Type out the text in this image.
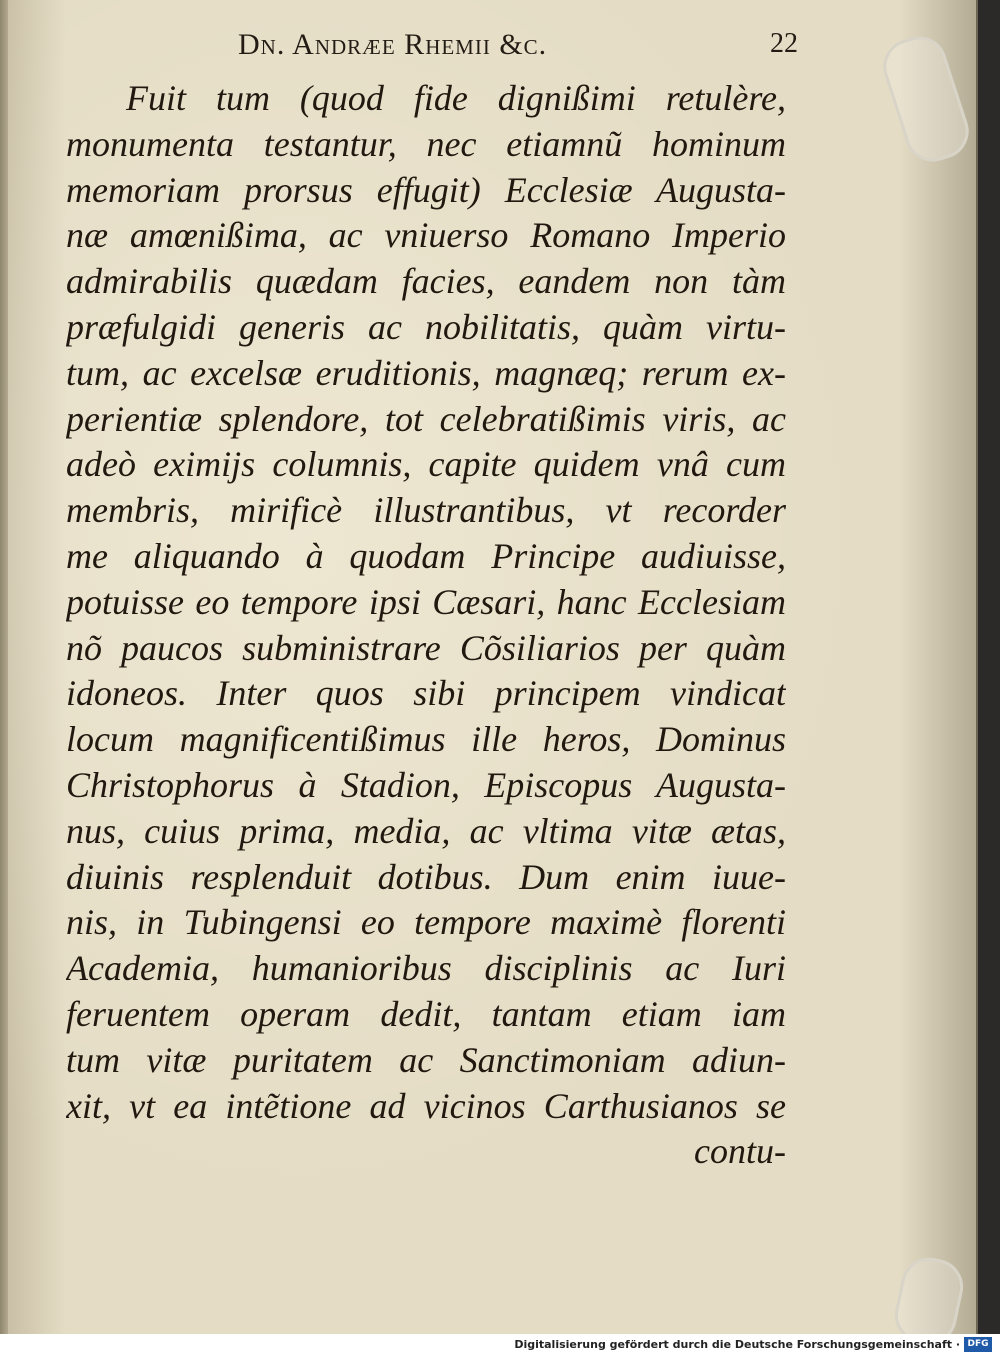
Dn. Andræe Rhemii &c.	22
Fuit tum (quod fide dignißimi retulère,
monumenta testantur, nec etiamnũ hominum
memoriam prorsus effugit) Ecclesiæ Augusta-
næ amœnißima, ac vniuerso Romano Imperio
admirabilis quædam facies, eandem non tàm
præfulgidi generis ac nobilitatis, quàm virtu-
tum, ac excelsæ eruditionis, magnæq; rerum ex-
perientiæ splendore, tot celebratißimis viris, ac
adeò eximijs columnis, capite quidem vnâ cum
membris, mirificè illustrantibus, vt recorder
me aliquando à quodam Principe audiuisse,
potuisse eo tempore ipsi Cæsari, hanc Ecclesiam
nõ paucos subministrare Cõsiliarios per quàm
idoneos. Inter quos sibi principem vindicat
locum magnificentißimus ille heros, Dominus
Christophorus à Stadion, Episcopus Augusta-
nus, cuius prima, media, ac vltima vitæ ætas,
diuinis resplenduit dotibus. Dum enim iuue-
nis, in Tubingensi eo tempore maximè florenti
Academia, humanioribus disciplinis ac Iuri
feruentem operam dedit, tantam etiam iam
tum vitæ puritatem ac Sanctimoniam adiun-
xit, vt ea intẽtione ad vicinos Carthusianos se
contu-
Digitalisierung gefördert durch die Deutsche Forschungsgemeinschaft · DFG
